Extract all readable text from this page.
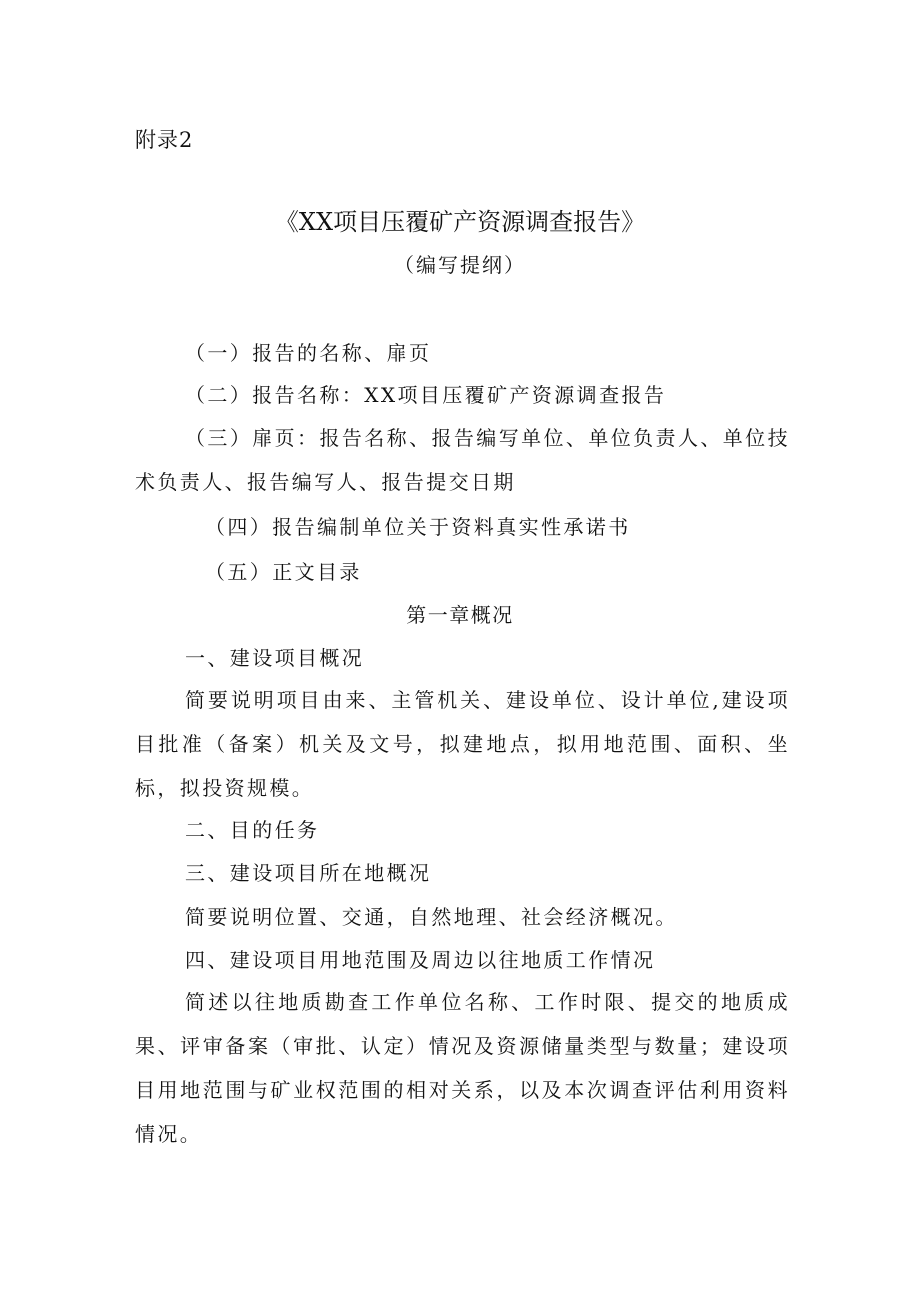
附录2
《XX项目压覆矿产资源调查报告》
（编写提纲）
（一）报告的名称、扉页
（二）报告名称：XX项目压覆矿产资源调查报告
（三）扉页：报告名称、报告编写单位、单位负责人、单位技术负责人、报告编写人、报告提交日期
（四）报告编制单位关于资料真实性承诺书
（五）正文目录
第一章概况
一、建设项目概况
简要说明项目由来、主管机关、建设单位、设计单位,建设项目批准（备案）机关及文号，拟建地点，拟用地范围、面积、坐标，拟投资规模。
二、目的任务
三、建设项目所在地概况
简要说明位置、交通，自然地理、社会经济概况。
四、建设项目用地范围及周边以往地质工作情况
简述以往地质勘查工作单位名称、工作时限、提交的地质成果、评审备案（审批、认定）情况及资源储量类型与数量；建设项目用地范围与矿业权范围的相对关系，以及本次调查评估利用资料情况。
